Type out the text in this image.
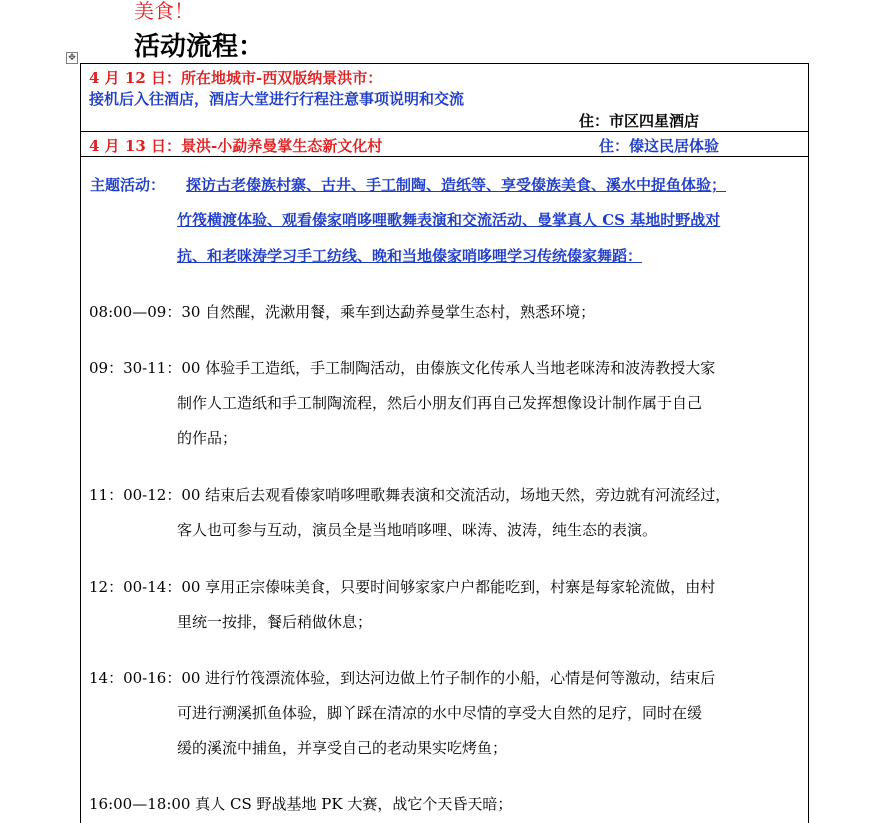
美食！
活动流程：
✥
4 月 12 日：所在地城市-西双版纳景洪市：
接机后入往酒店，酒店大堂进行行程注意事项说明和交流
住：市区四星酒店
4 月 13 日：景洪-小勐养曼掌生态新文化村	住：傣这民居体验
主题活动： 探访古老傣族村寨、古井、手工制陶、造纸等、享受傣族美食、溪水中捉鱼体验；
竹筏横渡体验、观看傣家哨哆哩歌舞表演和交流活动、曼掌真人 CS 基地时野战对
抗、和老咪涛学习手工纺线、晚和当地傣家哨哆哩学习传统傣家舞蹈：
08:00—09：30 自然醒，洗漱用餐，乘车到达勐养曼掌生态村，熟悉环境；
09：30-11：00 体验手工造纸，手工制陶活动，由傣族文化传承人当地老咪涛和波涛教授大家
制作人工造纸和手工制陶流程，然后小朋友们再自己发挥想像设计制作属于自己
的作品；
11：00-12：00 结束后去观看傣家哨哆哩歌舞表演和交流活动，场地天然，旁边就有河流经过，
客人也可参与互动，演员全是当地哨哆哩、咪涛、波涛，纯生态的表演。
12：00-14：00 享用正宗傣味美食，只要时间够家家户户都能吃到，村寨是每家轮流做，由村
里统一按排，餐后稍做休息；
14：00-16：00 进行竹筏漂流体验，到达河边做上竹子制作的小船，心情是何等激动，结束后
可进行溯溪抓鱼体验，脚丫踩在清凉的水中尽情的享受大自然的足疗，同时在缓
缓的溪流中捕鱼，并享受自己的老动果实吃烤鱼；
16:00—18:00 真人 CS 野战基地 PK 大赛，战它个天昏天暗；
